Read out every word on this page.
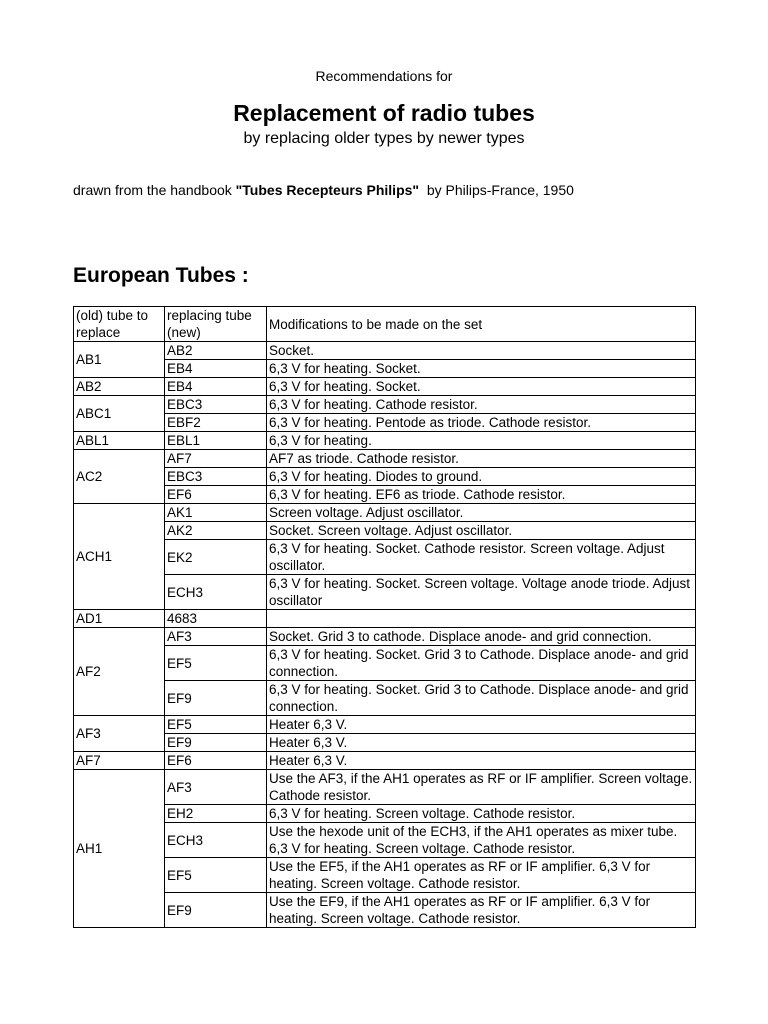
Recommendations for
Replacement of radio tubes
by replacing older types by newer types
drawn from the handbook "Tubes Recepteurs Philips"  by Philips-France, 1950
European Tubes :
(old) tube to replace	replacing tube (new)	Modifications to be made on the set
AB1	AB2	Socket.
	EB4	6,3 V for heating. Socket.
AB2	EB4	6,3 V for heating. Socket.
ABC1	EBC3	6,3 V for heating. Cathode resistor.
	EBF2	6,3 V for heating. Pentode as triode. Cathode resistor.
ABL1	EBL1	6,3 V for heating.
AC2	AF7	AF7 as triode. Cathode resistor.
	EBC3	6,3 V for heating. Diodes to ground.
	EF6	6,3 V for heating. EF6 as triode. Cathode resistor.
ACH1	AK1	Screen voltage. Adjust oscillator.
	AK2	Socket. Screen voltage. Adjust oscillator.
	EK2	6,3 V for heating. Socket. Cathode resistor. Screen voltage. Adjust oscillator.
	ECH3	6,3 V for heating. Socket. Screen voltage. Voltage anode triode. Adjust oscillator
AD1	4683	
AF2	AF3	Socket. Grid 3 to cathode. Displace anode- and grid connection.
	EF5	6,3 V for heating. Socket. Grid 3 to Cathode. Displace anode- and grid connection.
	EF9	6,3 V for heating. Socket. Grid 3 to Cathode. Displace anode- and grid connection.
AF3	EF5	Heater 6,3 V.
	EF9	Heater 6,3 V.
AF7	EF6	Heater 6,3 V.
AH1	AF3	Use the AF3, if the AH1 operates as RF or IF amplifier. Screen voltage. Cathode resistor.
	EH2	6,3 V for heating. Screen voltage. Cathode resistor.
	ECH3	Use the hexode unit of the ECH3, if the AH1 operates as mixer tube. 6,3 V for heating. Screen voltage. Cathode resistor.
	EF5	Use the EF5, if the AH1 operates as RF or IF amplifier. 6,3 V for heating. Screen voltage. Cathode resistor.
	EF9	Use the EF9, if the AH1 operates as RF or IF amplifier. 6,3 V for heating. Screen voltage. Cathode resistor.
